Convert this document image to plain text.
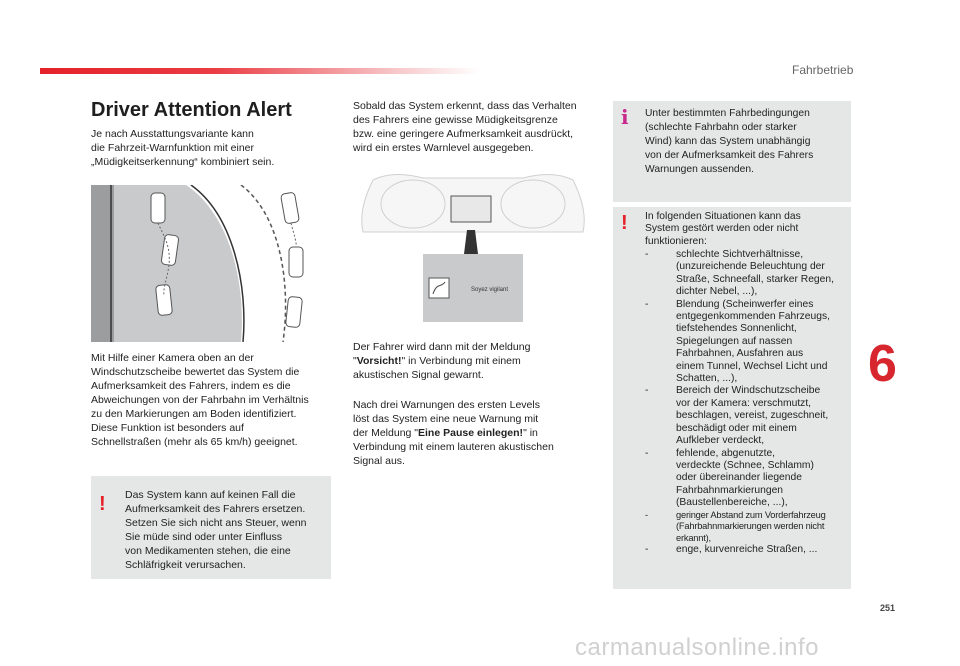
Fahrbetrieb
Driver Attention Alert
Je nach Ausstattungsvariante kann
die Fahrzeit-Warnfunktion mit einer
„Müdigkeitserkennung“ kombiniert sein.
Mit Hilfe einer Kamera oben an der
Windschutzscheibe bewertet das System die
Aufmerksamkeit des Fahrers, indem es die
Abweichungen von der Fahrbahn im Verhältnis
zu den Markierungen am Boden identifiziert.
Diese Funktion ist besonders auf
Schnellstraßen (mehr als 65 km/h) geeignet.
! Das System kann auf keinen Fall die
Aufmerksamkeit des Fahrers ersetzen.
Setzen Sie sich nicht ans Steuer, wenn
Sie müde sind oder unter Einfluss
von Medikamenten stehen, die eine
Schläfrigkeit verursachen.
Sobald das System erkennt, dass das Verhalten
des Fahrers eine gewisse Müdigkeitsgrenze
bzw. eine geringere Aufmerksamkeit ausdrückt,
wird ein erstes Warnlevel ausgegeben.
Soyez vigilant
Der Fahrer wird dann mit der Meldung
"Vorsicht!" in Verbindung mit einem
akustischen Signal gewarnt.
Nach drei Warnungen des ersten Levels
löst das System eine neue Warnung mit
der Meldung "Eine Pause einlegen!" in
Verbindung mit einem lauteren akustischen
Signal aus.
i Unter bestimmten Fahrbedingungen
(schlechte Fahrbahn oder starker
Wind) kann das System unabhängig
von der Aufmerksamkeit des Fahrers
Warnungen aussenden.
! In folgenden Situationen kann das
System gestört werden oder nicht
funktionieren:
-	schlechte Sichtverhältnisse,
(unzureichende Beleuchtung der
Straße, Schneefall, starker Regen,
dichter Nebel, ...),
-	Blendung (Scheinwerfer eines
entgegenkommenden Fahrzeugs,
tiefstehendes Sonnenlicht,
Spiegelungen auf nassen
Fahrbahnen, Ausfahren aus
einem Tunnel, Wechsel Licht und
Schatten, ...),
-	Bereich der Windschutzscheibe
vor der Kamera: verschmutzt,
beschlagen, vereist, zugeschneit,
beschädigt oder mit einem
Aufkleber verdeckt,
-	fehlende, abgenutzte,
verdeckte (Schnee, Schlamm)
oder übereinander liegende
Fahrbahnmarkierungen
(Baustellenbereiche, ...),
-	geringer Abstand zum Vorderfahrzeug
(Fahrbahnmarkierungen werden nicht
erkannt),
-	enge, kurvenreiche Straßen, ...
6
251
carmanualsonline.info
